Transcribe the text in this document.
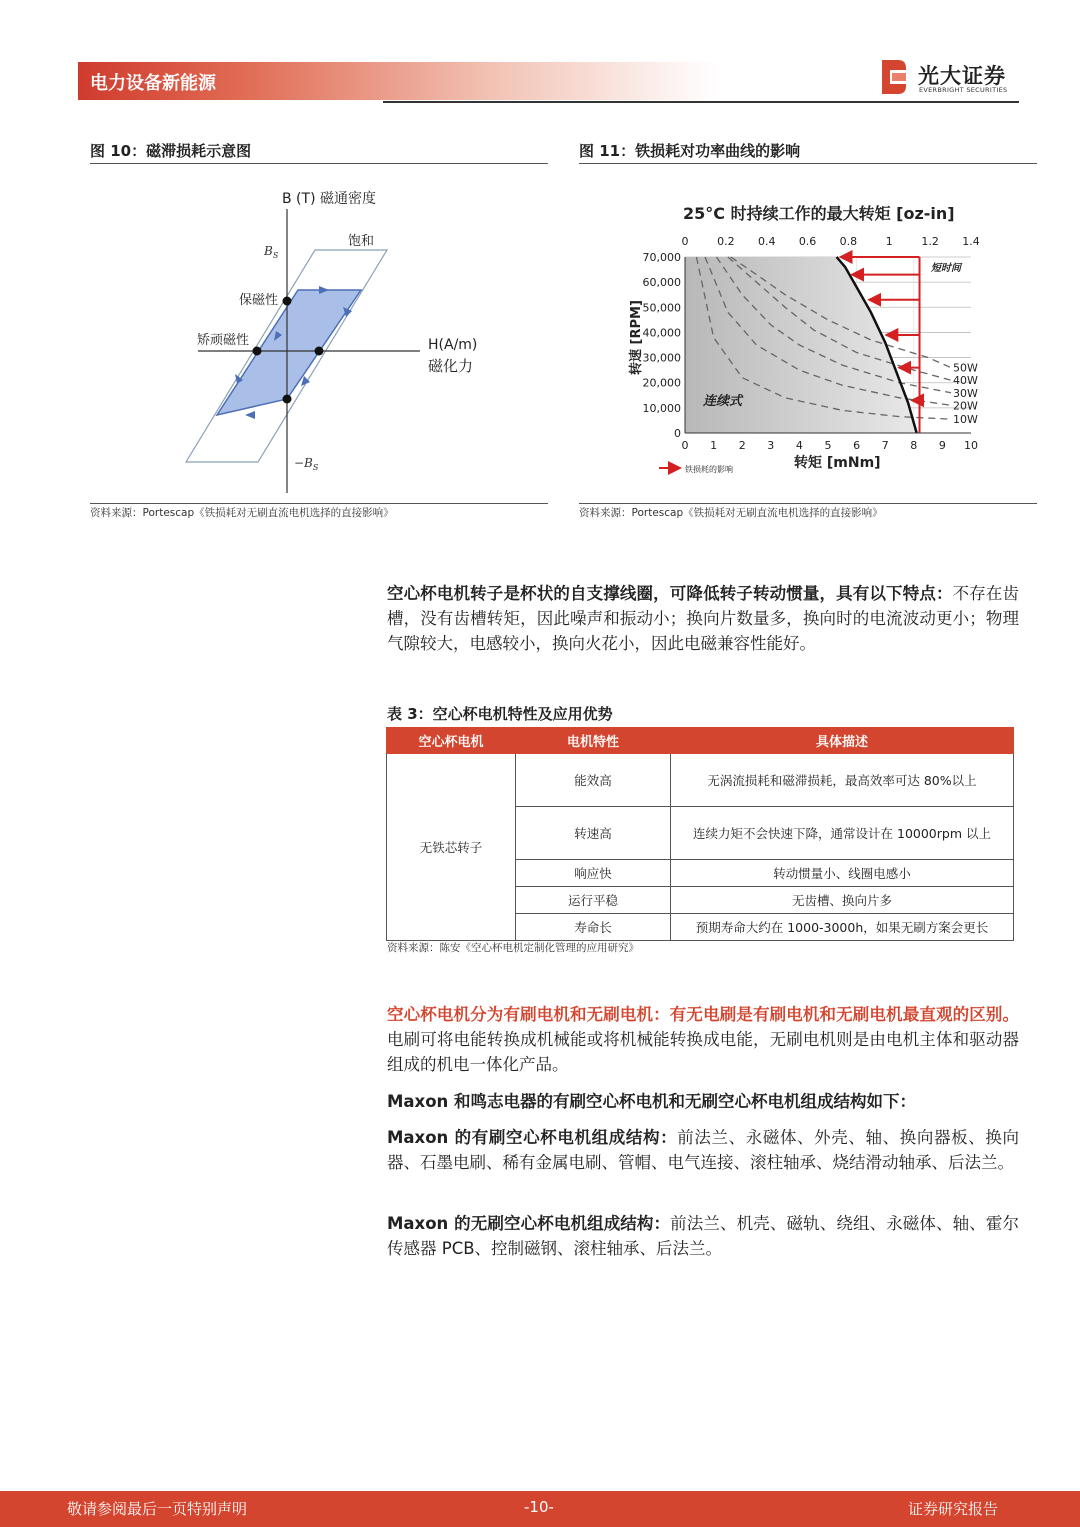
电力设备新能源	光大证券
EVERBRIGHT SECURITIES
图 10：磁滞损耗示意图
B (T) 磁通密度
$B_S$
饱和
保磁性
矫顽磁性	H(A/m)
磁化力
$-B_S$
资料来源：Portescap《铁损耗对无刷直流电机选择的直接影响》
图 11：铁损耗对功率曲线的影响
25°C 时持续工作的最大转矩 [oz-in]
50W
40W
30W
20W
10W
0
10,000
20,000
30,000
40,000
50,000
60,000
70,000
0 1 2 3 4 5 6 7 8 9 10
0	0.2 0.4 0.6 0.8	1	1.2 1.4
连续式
短时间
转矩 [mNm]
转速 [RPM]
铁损耗的影响
资料来源：Portescap《铁损耗对无刷直流电机选择的直接影响》
空心杯电机转子是杯状的自支撑线圈，可降低转子转动惯量，具有以下特点：不存在齿槽，没有齿槽转矩，因此噪声和振动小；换向片数量多，换向时的电流波动更小；物理气隙较大，电感较小，换向火花小，因此电磁兼容性能好。
表 3：空心杯电机特性及应用优势
空心杯电机	电机特性	具体描述
无铁芯转子	能效高	无涡流损耗和磁滞损耗，最高效率可达 80%以上
	转速高	连续力矩不会快速下降，通常设计在 10000rpm 以上
	响应快	转动惯量小、线圈电感小
	运行平稳	无齿槽、换向片多
	寿命长	预期寿命大约在 1000-3000h，如果无刷方案会更长
资料来源：陈安《空心杯电机定制化管理的应用研究》
空心杯电机分为有刷电机和无刷电机：有无电刷是有刷电机和无刷电机最直观的区别。电刷可将电能转换成机械能或将机械能转换成电能，无刷电机则是由电机主体和驱动器组成的机电一体化产品。
Maxon 和鸣志电器的有刷空心杯电机和无刷空心杯电机组成结构如下：
Maxon 的有刷空心杯电机组成结构：前法兰、永磁体、外壳、轴、换向器板、换向器、石墨电刷、稀有金属电刷、管帽、电气连接、滚柱轴承、烧结滑动轴承、后法兰。
Maxon 的无刷空心杯电机组成结构：前法兰、机壳、磁轨、绕组、永磁体、轴、霍尔传感器 PCB、控制磁钢、滚柱轴承、后法兰。
敬请参阅最后一页特别声明	-10-	证券研究报告
